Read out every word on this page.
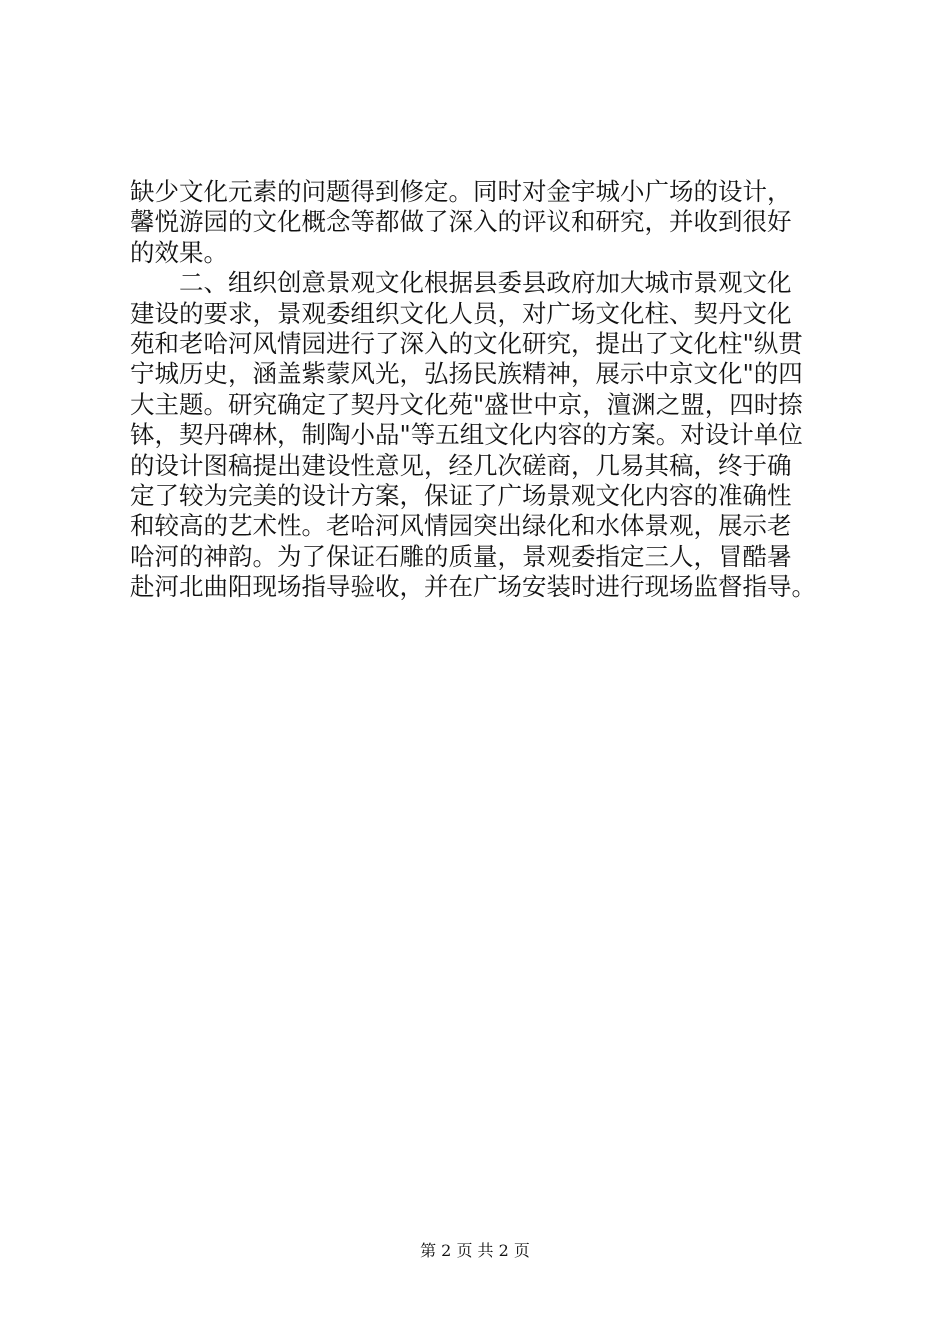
缺少文化元素的问题得到修定。同时对金宇城小广场的设计，
馨悦游园的文化概念等都做了深入的评议和研究，并收到很好
的效果。
　　二、组织创意景观文化根据县委县政府加大城市景观文化
建设的要求，景观委组织文化人员，对广场文化柱、契丹文化
苑和老哈河风情园进行了深入的文化研究，提出了文化柱"纵贯
宁城历史，涵盖紫蒙风光，弘扬民族精神，展示中京文化"的四
大主题。研究确定了契丹文化苑"盛世中京，澶渊之盟，四时捺
钵，契丹碑林，制陶小品"等五组文化内容的方案。对设计单位
的设计图稿提出建设性意见，经几次磋商，几易其稿，终于确
定了较为完美的设计方案，保证了广场景观文化内容的准确性
和较高的艺术性。老哈河风情园突出绿化和水体景观，展示老
哈河的神韵。为了保证石雕的质量，景观委指定三人，冒酷暑
赴河北曲阳现场指导验收，并在广场安装时进行现场监督指导。
第 2 页 共 2 页
